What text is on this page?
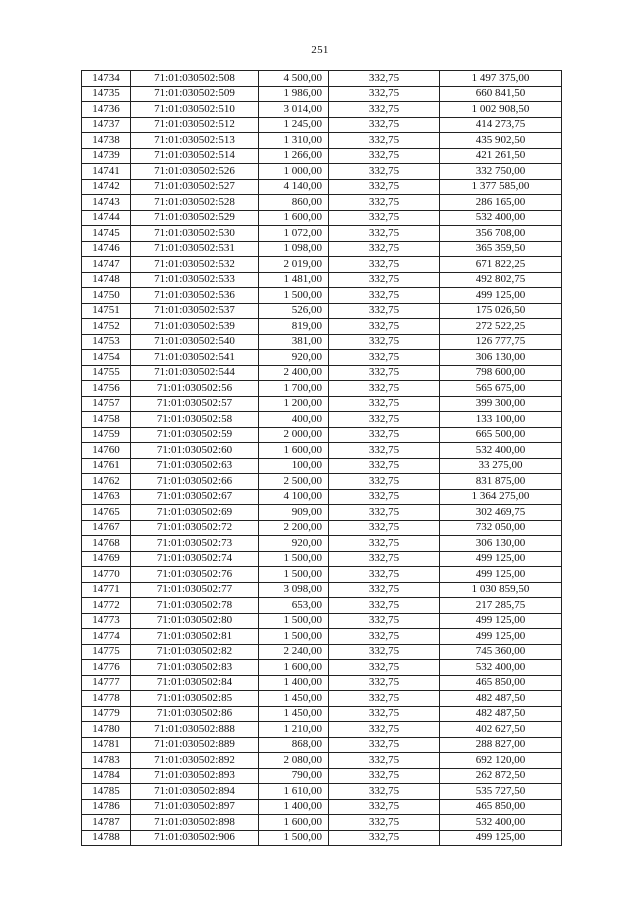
251
14734	71:01:030502:508	4 500,00	332,75	1 497 375,00
14735	71:01:030502:509	1 986,00	332,75	660 841,50
14736	71:01:030502:510	3 014,00	332,75	1 002 908,50
14737	71:01:030502:512	1 245,00	332,75	414 273,75
14738	71:01:030502:513	1 310,00	332,75	435 902,50
14739	71:01:030502:514	1 266,00	332,75	421 261,50
14741	71:01:030502:526	1 000,00	332,75	332 750,00
14742	71:01:030502:527	4 140,00	332,75	1 377 585,00
14743	71:01:030502:528	860,00	332,75	286 165,00
14744	71:01:030502:529	1 600,00	332,75	532 400,00
14745	71:01:030502:530	1 072,00	332,75	356 708,00
14746	71:01:030502:531	1 098,00	332,75	365 359,50
14747	71:01:030502:532	2 019,00	332,75	671 822,25
14748	71:01:030502:533	1 481,00	332,75	492 802,75
14750	71:01:030502:536	1 500,00	332,75	499 125,00
14751	71:01:030502:537	526,00	332,75	175 026,50
14752	71:01:030502:539	819,00	332,75	272 522,25
14753	71:01:030502:540	381,00	332,75	126 777,75
14754	71:01:030502:541	920,00	332,75	306 130,00
14755	71:01:030502:544	2 400,00	332,75	798 600,00
14756	71:01:030502:56	1 700,00	332,75	565 675,00
14757	71:01:030502:57	1 200,00	332,75	399 300,00
14758	71:01:030502:58	400,00	332,75	133 100,00
14759	71:01:030502:59	2 000,00	332,75	665 500,00
14760	71:01:030502:60	1 600,00	332,75	532 400,00
14761	71:01:030502:63	100,00	332,75	33 275,00
14762	71:01:030502:66	2 500,00	332,75	831 875,00
14763	71:01:030502:67	4 100,00	332,75	1 364 275,00
14765	71:01:030502:69	909,00	332,75	302 469,75
14767	71:01:030502:72	2 200,00	332,75	732 050,00
14768	71:01:030502:73	920,00	332,75	306 130,00
14769	71:01:030502:74	1 500,00	332,75	499 125,00
14770	71:01:030502:76	1 500,00	332,75	499 125,00
14771	71:01:030502:77	3 098,00	332,75	1 030 859,50
14772	71:01:030502:78	653,00	332,75	217 285,75
14773	71:01:030502:80	1 500,00	332,75	499 125,00
14774	71:01:030502:81	1 500,00	332,75	499 125,00
14775	71:01:030502:82	2 240,00	332,75	745 360,00
14776	71:01:030502:83	1 600,00	332,75	532 400,00
14777	71:01:030502:84	1 400,00	332,75	465 850,00
14778	71:01:030502:85	1 450,00	332,75	482 487,50
14779	71:01:030502:86	1 450,00	332,75	482 487,50
14780	71:01:030502:888	1 210,00	332,75	402 627,50
14781	71:01:030502:889	868,00	332,75	288 827,00
14783	71:01:030502:892	2 080,00	332,75	692 120,00
14784	71:01:030502:893	790,00	332,75	262 872,50
14785	71:01:030502:894	1 610,00	332,75	535 727,50
14786	71:01:030502:897	1 400,00	332,75	465 850,00
14787	71:01:030502:898	1 600,00	332,75	532 400,00
14788	71:01:030502:906	1 500,00	332,75	499 125,00
